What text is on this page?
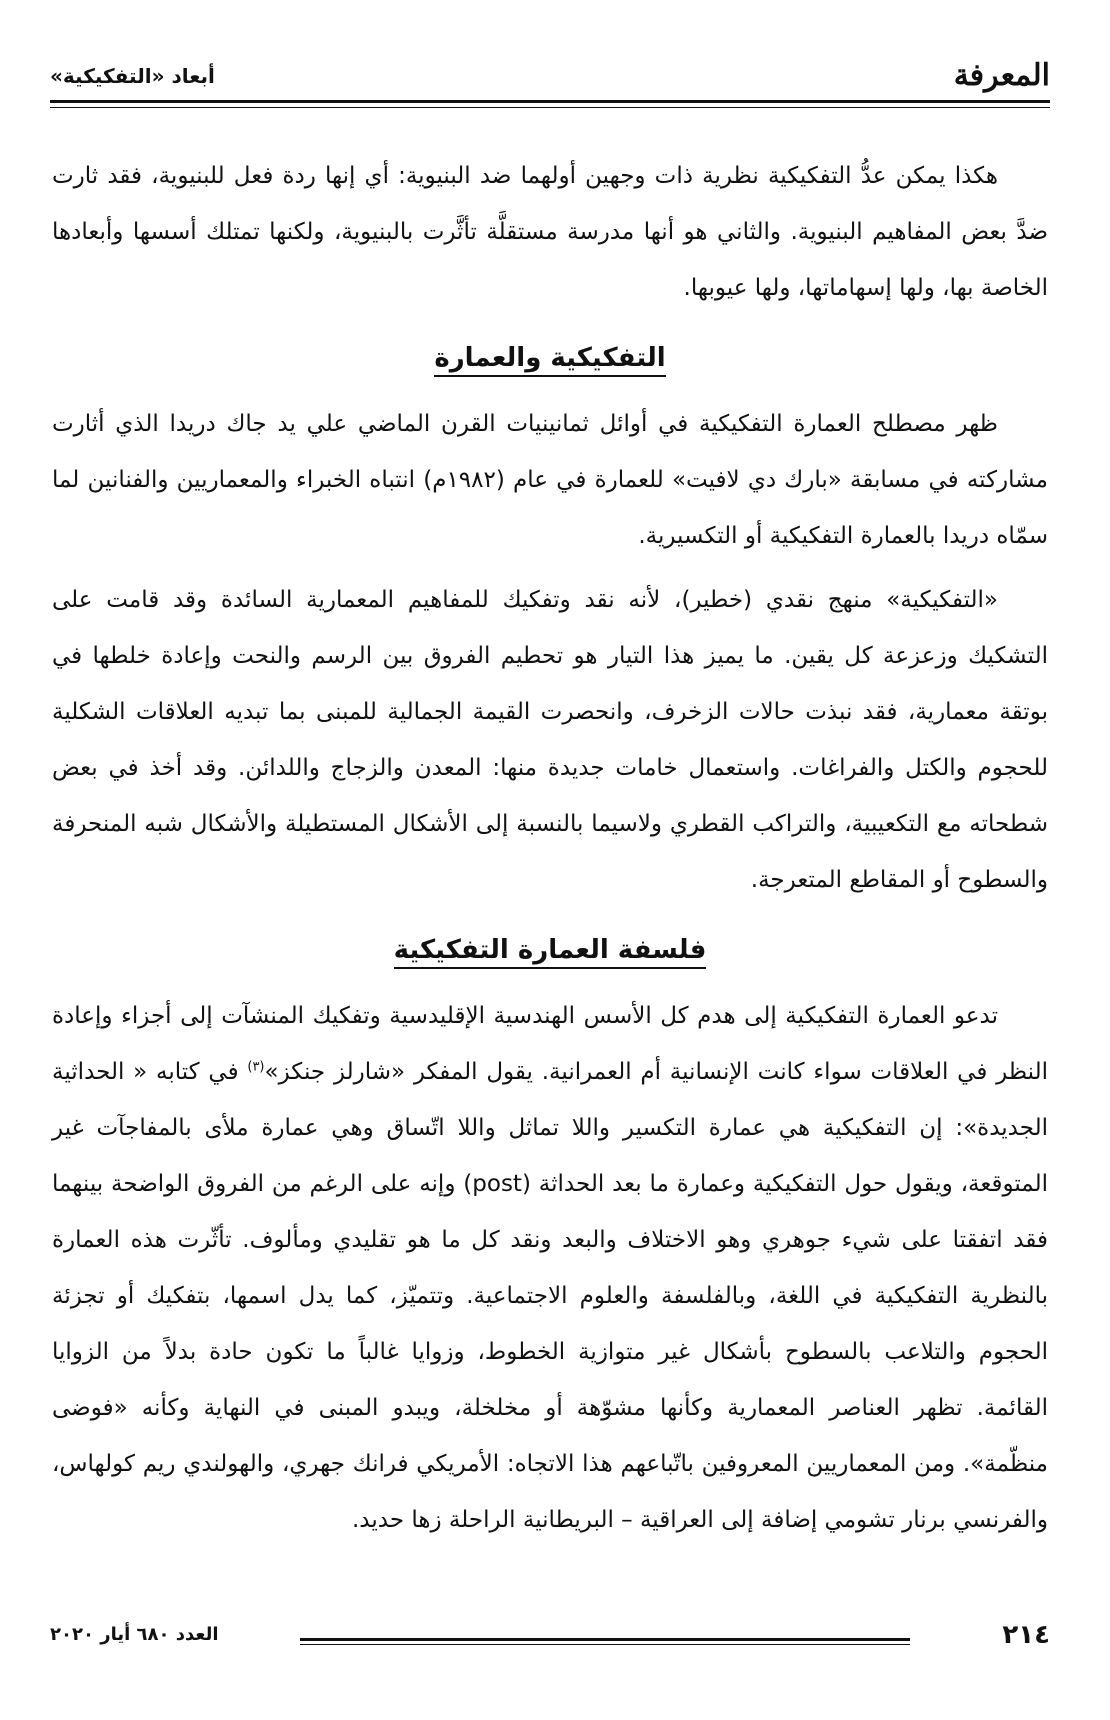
المعرفة
أبعاد «التفكيكية»

هكذا يمكن عدُّ التفكيكية نظرية ذات وجهين أولهما ضد البنيوية: أي إنها ردة فعل للبنيوية، فقد ثارت ضدَّ بعض المفاهيم البنيوية. والثاني هو أنها مدرسة مستقلَّة تأثَّرت بالبنيوية، ولكنها تمتلك أسسها وأبعادها الخاصة بها، ولها إسهاماتها، ولها عيوبها.

التفكيكية والعمارة

ظهر مصطلح العمارة التفكيكية في أوائل ثمانينيات القرن الماضي علي يد جاك دريدا الذي أثارت مشاركته في مسابقة «بارك دي لافيت» للعمارة في عام (١٩٨٢م) انتباه الخبراء والمعماريين والفنانين لما سمّاه دريدا بالعمارة التفكيكية أو التكسيرية.

«التفكيكية» منهج نقدي (خطير)، لأنه نقد وتفكيك للمفاهيم المعمارية السائدة وقد قامت على التشكيك وزعزعة كل يقين. ما يميز هذا التيار هو تحطيم الفروق بين الرسم والنحت وإعادة خلطها في بوتقة معمارية، فقد نبذت حالات الزخرف، وانحصرت القيمة الجمالية للمبنى بما تبديه العلاقات الشكلية للحجوم والكتل والفراغات. واستعمال خامات جديدة منها: المعدن والزجاج واللدائن. وقد أخذ في بعض شطحاته مع التكعيبية، والتراكب القطري ولاسيما بالنسبة إلى الأشكال المستطيلة والأشكال شبه المنحرفة والسطوح أو المقاطع المتعرجة.

فلسفة العمارة التفكيكية

تدعو العمارة التفكيكية إلى هدم كل الأسس الهندسية الإقليدسية وتفكيك المنشآت إلى أجزاء وإعادة النظر في العلاقات سواء كانت الإنسانية أم العمرانية. يقول المفكر «شارلز جنكز»$^{(٣)}$ في كتابه « الحداثية الجديدة»: إن التفكيكية هي عمارة التكسير واللا تماثل واللا اتّساق وهي عمارة ملأى بالمفاجآت غير المتوقعة، ويقول حول التفكيكية وعمارة ما بعد الحداثة (post) وإنه على الرغم من الفروق الواضحة بينهما فقد اتفقتا على شيء جوهري وهو الاختلاف والبعد ونقد كل ما هو تقليدي ومألوف. تأثّرت هذه العمارة بالنظرية التفكيكية في اللغة، وبالفلسفة والعلوم الاجتماعية. وتتميّز، كما يدل اسمها، بتفكيك أو تجزئة الحجوم والتلاعب بالسطوح بأشكال غير متوازية الخطوط، وزوايا غالباً ما تكون حادة بدلاً من الزوايا القائمة. تظهر العناصر المعمارية وكأنها مشوّهة أو مخلخلة، ويبدو المبنى في النهاية وكأنه «فوضى منظّمة». ومن المعماريين المعروفين باتّباعهم هذا الاتجاه: الأمريكي فرانك جهري، والهولندي ريم كولهاس، والفرنسي برنار تشومي إضافة إلى العراقية – البريطانية الراحلة زها حديد.

٢١٤
العدد ٦٨٠ أيار ٢٠٢٠
